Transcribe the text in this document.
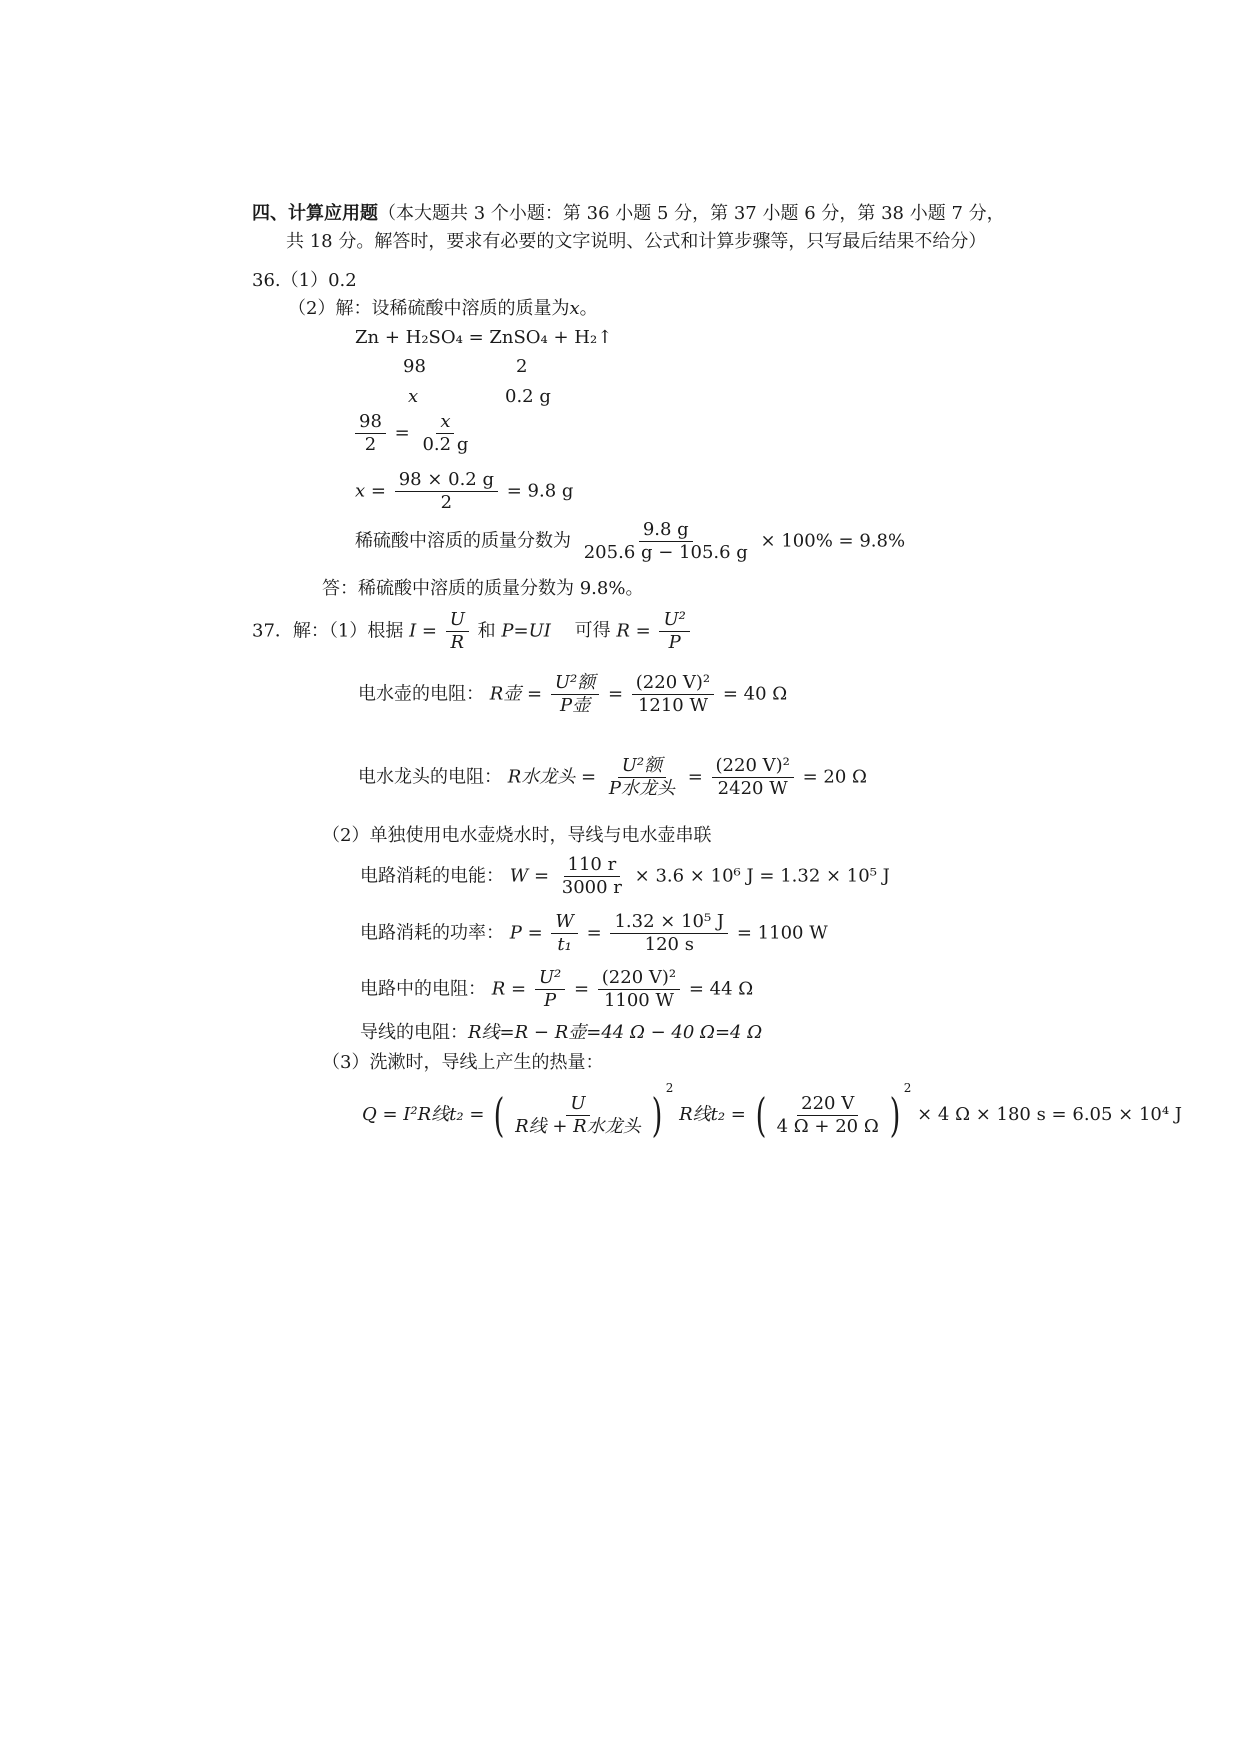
四、计算应用题（本大题共 3 个小题：第 36 小题 5 分，第 37 小题 6 分，第 38 小题 7 分，
共 18 分。解答时，要求有必要的文字说明、公式和计算步骤等，只写最后结果不给分）
36.（1）0.2
（2）解：设稀硫酸中溶质的质量为x。
Zn + H₂SO₄ = ZnSO₄ + H₂↑
98	2
x	0.2 g
$\frac{98}{2} = \frac{x}{0.2 g}$
$x = \frac{98 \times 0.2 g}{2} = 9.8$ g
稀硫酸中溶质的质量分数为 $\frac{9.8 g}{205.6 g - 105.6 g} \times 100\% = 9.8\%$
答：稀硫酸中溶质的质量分数为 9.8%。
37．解：（1）根据 $I = \frac{U}{R}$ 和 P=UI 可得 $R = \frac{\text{U²}}{P}$
电水壶的电阻： R壶 = $\frac{\text{U²额}}{\text{P壶}} = \frac{\text{(220 V)²}}{1210 W} = 40$ Ω
电水龙头的电阻： R水龙头 = $\frac{\text{U²额}}{\text{P水龙头}} = \frac{\text{(220 V)²}}{2420 W} = 20$ Ω
（2）单独使用电水壶烧水时，导线与电水壶串联
电路消耗的电能： $W = \frac{110 r}{3000 r} \times 3.6 \times 10^6$ J = 1.32 × 10⁵ J
电路消耗的功率： $P = \frac{W}{\text{t₁}} = \frac{\text{1.32 × 10⁵ J}}{120 s} = 1100$ W
电路中的电阻： $R = \frac{\text{U²}}{P} = \frac{\text{(220 V)²}}{1100 W} = 44$ Ω
导线的电阻：R线=R − R壶=44 Ω − 40 Ω=4 Ω
（3）洗漱时，导线上产生的热量：
Q = I²R线t₂ = ( $\frac{U}{\text{R线 + R水龙头}}$ ) $^2$ R线t₂ = ( $\frac{220 V}{4 \Omega + 20 \Omega}$ ) $^2$ × 4 Ω × 180 s = 6.05 × 10⁴ J
